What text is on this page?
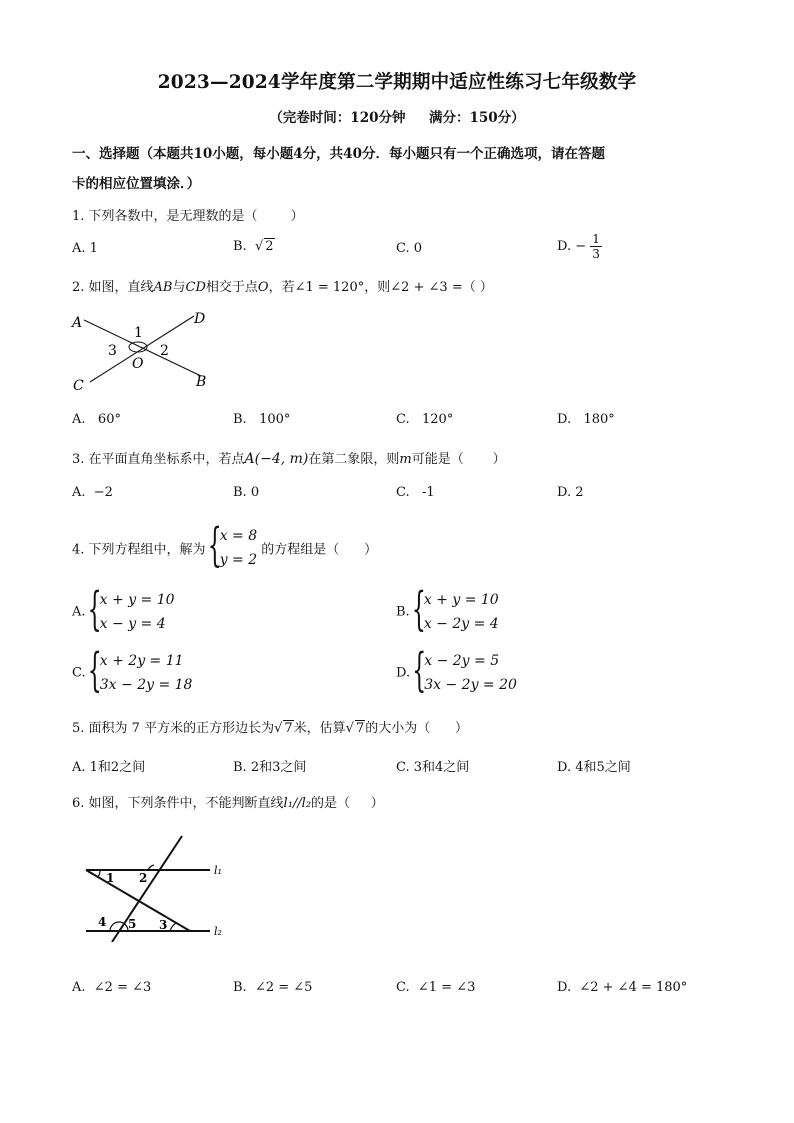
2023—2024学年度第二学期期中适应性练习七年级数学
（完卷时间：120分钟     满分：150分）
一、选择题（本题共10小题，每小题4分，共40分．每小题只有一个正确选项，请在答题
卡的相应位置填涂．）
1. 下列各数中，是无理数的是（        ）
A. 1	B.  √ 2	C. 0	D. − $\frac{1}{3}$
2. 如图，直线AB与CD相交于点O，若∠1 = 120°，则∠2 + ∠3 =（ ）
A	D
C	B
O
1
2
3
A.   60°	B.   100°	C.   120°	D.   180°
3. 在平面直角坐标系中，若点A(−4, m)在第二象限，则m可能是（       ）
A.  −2	B. 0	C.   -1	D. 2
4. 下列方程组中，解为
{ x = 8
y = 2
的方程组是（      ）
A.
{ x + y = 10
x − y = 4
B.
{ x + y = 10
x − 2y = 4
C.
{ x + 2y = 11
3x − 2y = 18
D.
{ x − 2y = 5
3x − 2y = 20
5. 面积为 7 平方米的正方形边长为√ 7米，估算√ 7的大小为（      ）
A. 1和2之间	B. 2和3之间	C. 3和4之间	D. 4和5之间
6. 如图，下列条件中，不能判断直线l₁//l₂的是（     ）
1 2
3
4 5
l₁
l₂
A.  ∠2 = ∠3	B.  ∠2 = ∠5	C.  ∠1 = ∠3	D.  ∠2 + ∠4 = 180°
